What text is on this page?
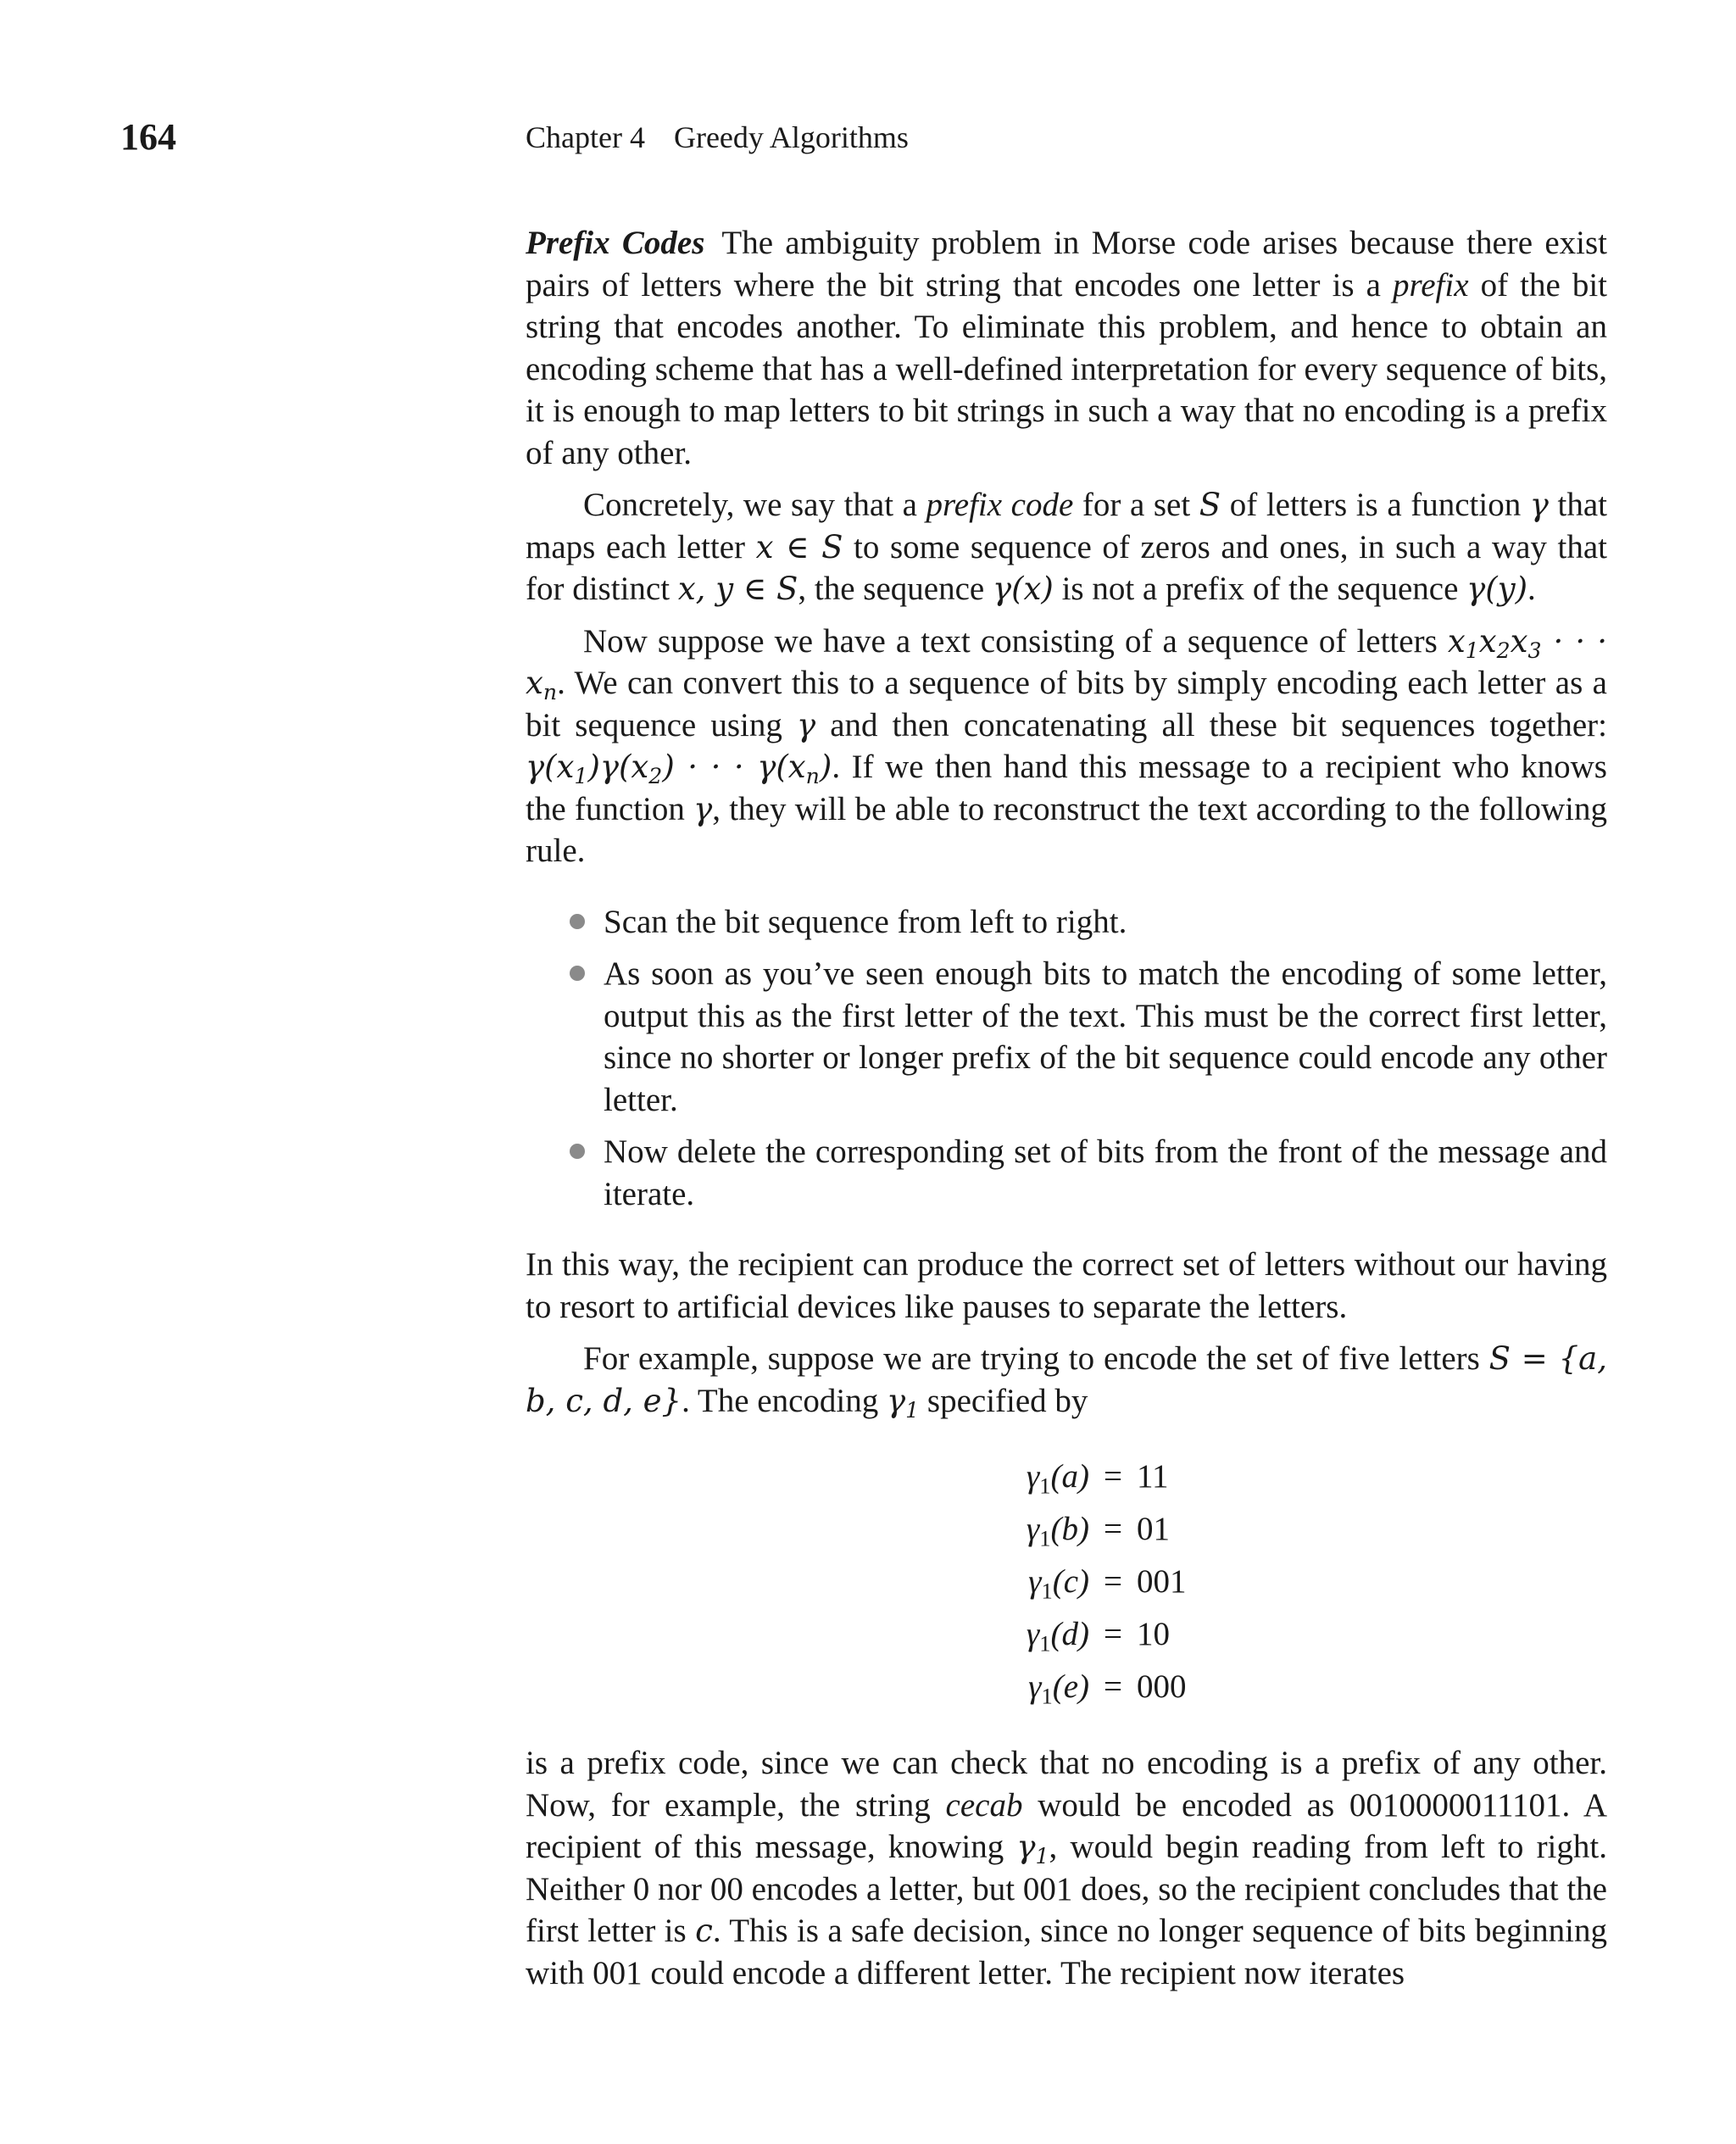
164	Chapter 4 Greedy Algorithms

Prefix Codes The ambiguity problem in Morse code arises because there exist pairs of letters where the bit string that encodes one letter is a prefix of the bit string that encodes another. To eliminate this problem, and hence to obtain an encoding scheme that has a well-defined interpretation for every sequence of bits, it is enough to map letters to bit strings in such a way that no encoding is a prefix of any other.

Concretely, we say that a prefix code for a set S of letters is a function γ that maps each letter x ∈ S to some sequence of zeros and ones, in such a way that for distinct x, y ∈ S, the sequence γ(x) is not a prefix of the sequence γ(y).

Now suppose we have a text consisting of a sequence of letters $x_1x_2x_3$ · · · $x_n$. We can convert this to a sequence of bits by simply encoding each letter as a bit sequence using γ and then concatenating all these bit sequences together: $\gamma(x_1)\gamma(x_2)$ · · · $\gamma(x_n)$. If we then hand this message to a recipient who knows the function γ, they will be able to reconstruct the text according to the following rule.

Scan the bit sequence from left to right.
As soon as you’ve seen enough bits to match the encoding of some letter, output this as the first letter of the text. This must be the correct first letter, since no shorter or longer prefix of the bit sequence could encode any other letter.
Now delete the corresponding set of bits from the front of the message and iterate.

In this way, the recipient can produce the correct set of letters without our having to resort to artificial devices like pauses to separate the letters.

For example, suppose we are trying to encode the set of five letters S = {a, b, c, d, e}. The encoding $\gamma_1$ specified by

$\gamma_1(a) = 11$
$\gamma_1(b) = 01$
$\gamma_1(c) = 001$
$\gamma_1(d) = 10$
$\gamma_1(e) = 000$

is a prefix code, since we can check that no encoding is a prefix of any other. Now, for example, the string cecab would be encoded as 0010000011101. A recipient of this message, knowing $\gamma_1$, would begin reading from left to right. Neither 0 nor 00 encodes a letter, but 001 does, so the recipient concludes that the first letter is c. This is a safe decision, since no longer sequence of bits beginning with 001 could encode a different letter. The recipient now iterates
